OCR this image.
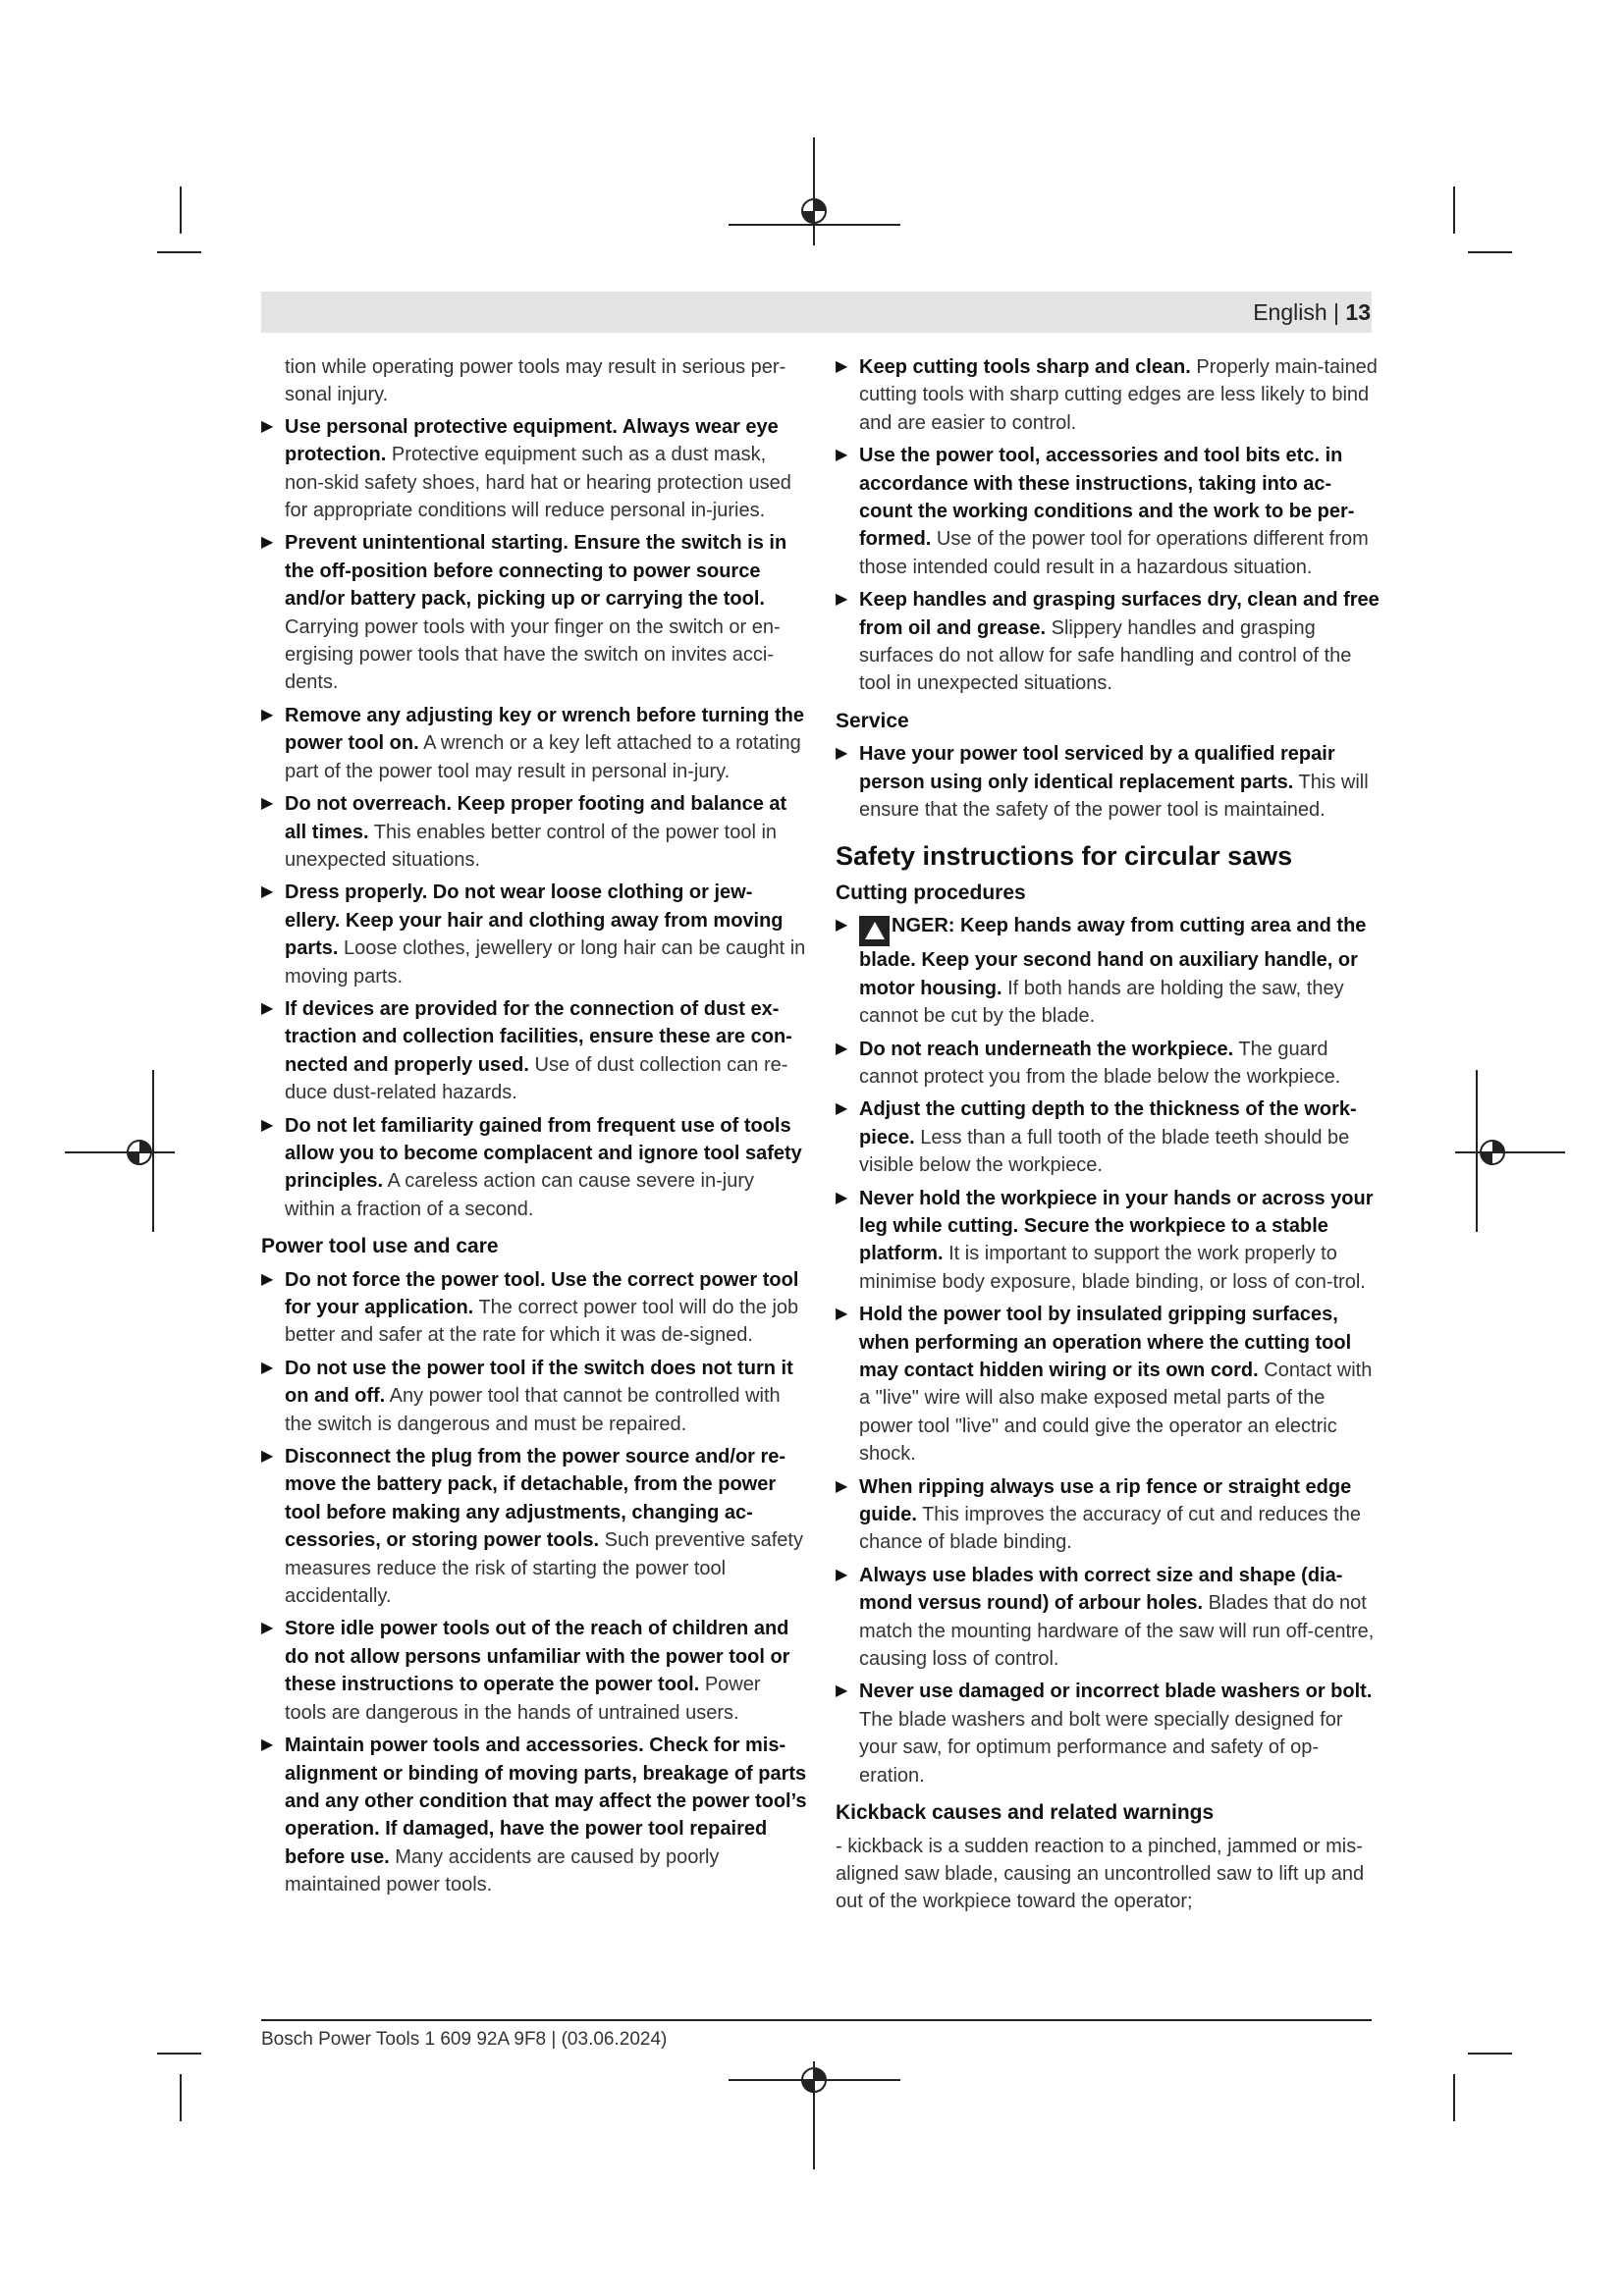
English | 13
tion while operating power tools may result in serious per-sonal injury.
▶ Use personal protective equipment. Always wear eye protection. Protective equipment such as a dust mask, non-skid safety shoes, hard hat or hearing protection used for appropriate conditions will reduce personal in-juries.
▶ Prevent unintentional starting. Ensure the switch is in the off-position before connecting to power source and/or battery pack, picking up or carrying the tool. Carrying power tools with your finger on the switch or en-ergising power tools that have the switch on invites acci-dents.
▶ Remove any adjusting key or wrench before turning the power tool on. A wrench or a key left attached to a rotating part of the power tool may result in personal in-jury.
▶ Do not overreach. Keep proper footing and balance at all times. This enables better control of the power tool in unexpected situations.
▶ Dress properly. Do not wear loose clothing or jew-ellery. Keep your hair and clothing away from moving parts. Loose clothes, jewellery or long hair can be caught in moving parts.
▶ If devices are provided for the connection of dust ex-traction and collection facilities, ensure these are con-nected and properly used. Use of dust collection can re-duce dust-related hazards.
▶ Do not let familiarity gained from frequent use of tools allow you to become complacent and ignore tool safety principles. A careless action can cause severe in-jury within a fraction of a second.
Power tool use and care
▶ Do not force the power tool. Use the correct power tool for your application. The correct power tool will do the job better and safer at the rate for which it was de-signed.
▶ Do not use the power tool if the switch does not turn it on and off. Any power tool that cannot be controlled with the switch is dangerous and must be repaired.
▶ Disconnect the plug from the power source and/or re-move the battery pack, if detachable, from the power tool before making any adjustments, changing ac-cessories, or storing power tools. Such preventive safety measures reduce the risk of starting the power tool accidentally.
▶ Store idle power tools out of the reach of children and do not allow persons unfamiliar with the power tool or these instructions to operate the power tool. Power tools are dangerous in the hands of untrained users.
▶ Maintain power tools and accessories. Check for mis-alignment or binding of moving parts, breakage of parts and any other condition that may affect the power tool’s operation. If damaged, have the power tool repaired before use. Many accidents are caused by poorly maintained power tools.
▶ Keep cutting tools sharp and clean. Properly main-tained cutting tools with sharp cutting edges are less likely to bind and are easier to control.
▶ Use the power tool, accessories and tool bits etc. in accordance with these instructions, taking into ac-count the working conditions and the work to be per-formed. Use of the power tool for operations different from those intended could result in a hazardous situation.
▶ Keep handles and grasping surfaces dry, clean and free from oil and grease. Slippery handles and grasping surfaces do not allow for safe handling and control of the tool in unexpected situations.
Service
▶ Have your power tool serviced by a qualified repair person using only identical replacement parts. This will ensure that the safety of the power tool is maintained.
Safety instructions for circular saws
Cutting procedures
▶ NGER: Keep hands away from cutting area and the blade. Keep your second hand on auxiliary handle, or motor housing. If both hands are holding the saw, they cannot be cut by the blade.
▶ Do not reach underneath the workpiece. The guard cannot protect you from the blade below the workpiece.
▶ Adjust the cutting depth to the thickness of the work-piece. Less than a full tooth of the blade teeth should be visible below the workpiece.
▶ Never hold the workpiece in your hands or across your leg while cutting. Secure the workpiece to a stable platform. It is important to support the work properly to minimise body exposure, blade binding, or loss of con-trol.
▶ Hold the power tool by insulated gripping surfaces, when performing an operation where the cutting tool may contact hidden wiring or its own cord. Contact with a "live" wire will also make exposed metal parts of the power tool "live" and could give the operator an electric shock.
▶ When ripping always use a rip fence or straight edge guide. This improves the accuracy of cut and reduces the chance of blade binding.
▶ Always use blades with correct size and shape (dia-mond versus round) of arbour holes. Blades that do not match the mounting hardware of the saw will run off-centre, causing loss of control.
▶ Never use damaged or incorrect blade washers or bolt. The blade washers and bolt were specially designed for your saw, for optimum performance and safety of op-eration.
Kickback causes and related warnings
- kickback is a sudden reaction to a pinched, jammed or mis-aligned saw blade, causing an uncontrolled saw to lift up and out of the workpiece toward the operator;
Bosch Power Tools 1 609 92A 9F8 | (03.06.2024)
